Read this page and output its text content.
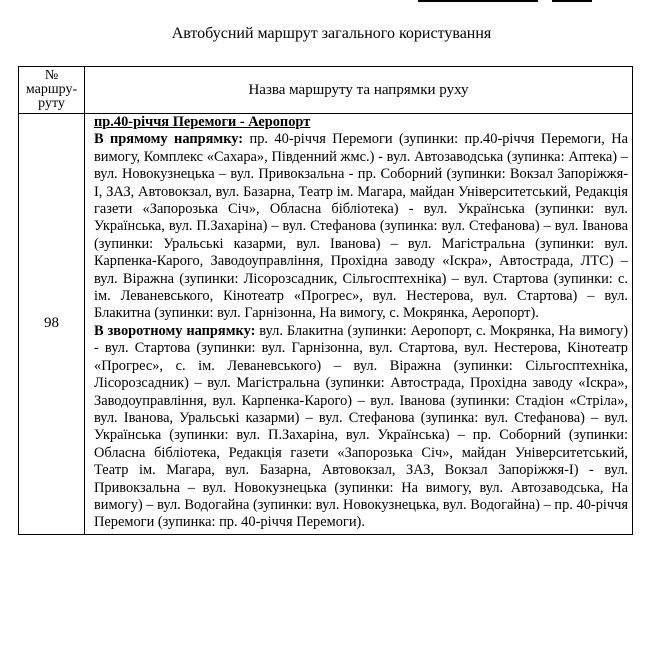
Автобусний маршрут загального користування
№
маршру-
руту	Назва маршруту та напрямки руху
98	пр.40-річчя Перемоги - Аеропорт

В прямому напрямку: пр. 40-річчя Перемоги (зупинки: пр.40-річчя Перемоги, На вимогу, Комплекс «Сахара», Південний жмс.) - вул. Автозаводська (зупинка: Аптека) – вул. Новокузнецька – вул. Привокзальна - пр. Соборний (зупинки: Вокзал Запоріжжя-І, ЗАЗ, Автовокзал, вул. Базарна, Театр ім. Магара, майдан Університетський, Редакція газети «Запорозька Січ», Обласна бібліотека) - вул. Українська (зупинки: вул. Українська, вул. П.Захаріна) – вул. Стефанова (зупинка: вул. Стефанова) – вул. Іванова (зупинки: Уральські казарми, вул. Іванова) – вул. Магістральна (зупинки: вул. Карпенка-Карого, Заводоуправління, Прохідна заводу «Іскра», Автострада, ЛТС) – вул. Віражна (зупинки: Лісорозсадник, Сільгосптехніка) – вул. Стартова (зупинки: с. ім. Леваневського, Кінотеатр «Прогрес», вул. Нестерова, вул. Стартова) – вул. Блакитна (зупинки: вул. Гарнізонна, На вимогу, с. Мокрянка, Аеропорт).

В зворотному напрямку: вул. Блакитна (зупинки: Аеропорт, с. Мокрянка, На вимогу) - вул. Стартова (зупинки: вул. Гарнізонна, вул. Стартова, вул. Нестерова, Кінотеатр «Прогрес», с. ім. Леваневського) – вул. Віражна (зупинки: Сільгосптехніка, Лісорозсадник) – вул. Магістральна (зупинки: Автострада, Прохідна заводу «Іскра», Заводоуправління, вул. Карпенка-Карого) – вул. Іванова (зупинки: Стадіон «Стріла», вул. Іванова, Уральські казарми) – вул. Стефанова (зупинка: вул. Стефанова) – вул. Українська (зупинки: вул. П.Захаріна, вул. Українська) – пр. Соборний (зупинки: Обласна бібліотека, Редакція газети «Запорозька Січ», майдан Університетський, Театр ім. Магара, вул. Базарна, Автовокзал, ЗАЗ, Вокзал Запоріжжя-І) - вул. Привокзальна – вул. Новокузнецька (зупинки: На вимогу, вул. Автозаводська, На вимогу) – вул. Водогайна (зупинки: вул. Новокузнецька, вул. Водогайна) – пр. 40-річчя Перемоги (зупинка: пр. 40-річчя Перемоги).
